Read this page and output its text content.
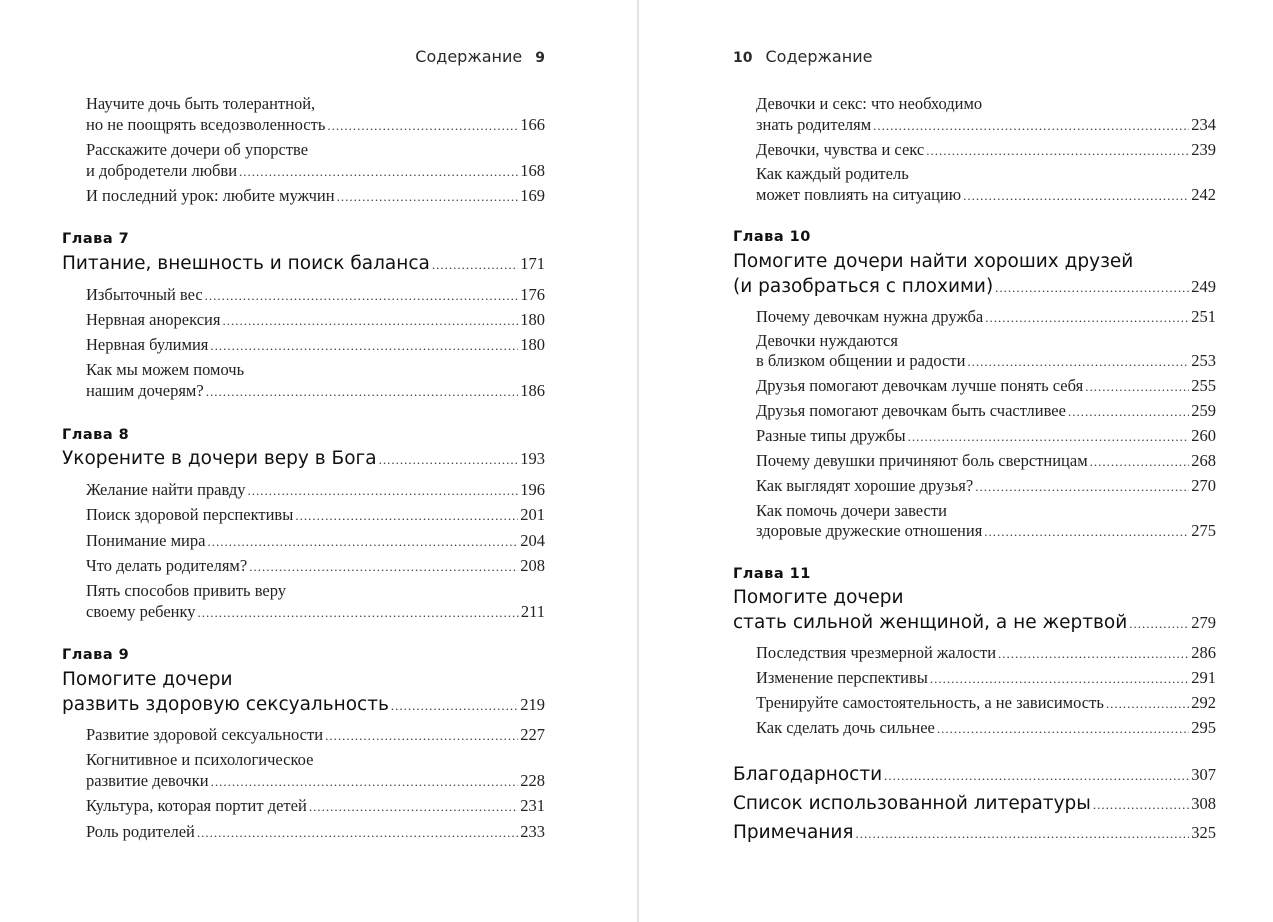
Содержание 9
Научите дочь быть толерантной,
но не поощрять вседозволенность .....	166
Расскажите дочери об упорстве
и добродетели любви .....	168
И последний урок: любите мужчин .....	169
Глава 7
Питание, внешность и поиск баланса .....	171
Избыточный вес .....	176
Нервная анорексия .....	180
Нервная булимия .....	180
Как мы можем помочь
нашим дочерям? .....	186
Глава 8
Укорените в дочери веру в Бога .....	193
Желание найти правду .....	196
Поиск здоровой перспективы .....	201
Понимание мира .....	204
Что делать родителям? .....	208
Пять способов привить веру
своему ребенку .....	211
Глава 9
Помогите дочери
развить здоровую сексуальность .....	219
Развитие здоровой сексуальности .....	227
Когнитивное и психологическое
развитие девочки .....	228
Культура, которая портит детей .....	231
Роль родителей .....	233
10 Содержание
Девочки и секс: что необходимо
знать родителям .....	234
Девочки, чувства и секс .....	239
Как каждый родитель
может повлиять на ситуацию .....	242
Глава 10
Помогите дочери найти хороших друзей
(и разобраться с плохими) .....	249
Почему девочкам нужна дружба .....	251
Девочки нуждаются
в близком общении и радости .....	253
Друзья помогают девочкам лучше понять себя .....	255
Друзья помогают девочкам быть счастливее .....	259
Разные типы дружбы .....	260
Почему девушки причиняют боль сверстницам .....	268
Как выглядят хорошие друзья? .....	270
Как помочь дочери завести
здоровые дружеские отношения .....	275
Глава 11
Помогите дочери
стать сильной женщиной, а не жертвой .....	279
Последствия чрезмерной жалости .....	286
Изменение перспективы .....	291
Тренируйте самостоятельность, а не зависимость .....	292
Как сделать дочь сильнее .....	295
Благодарности .....	307
Список использованной литературы .....	308
Примечания .....	325
